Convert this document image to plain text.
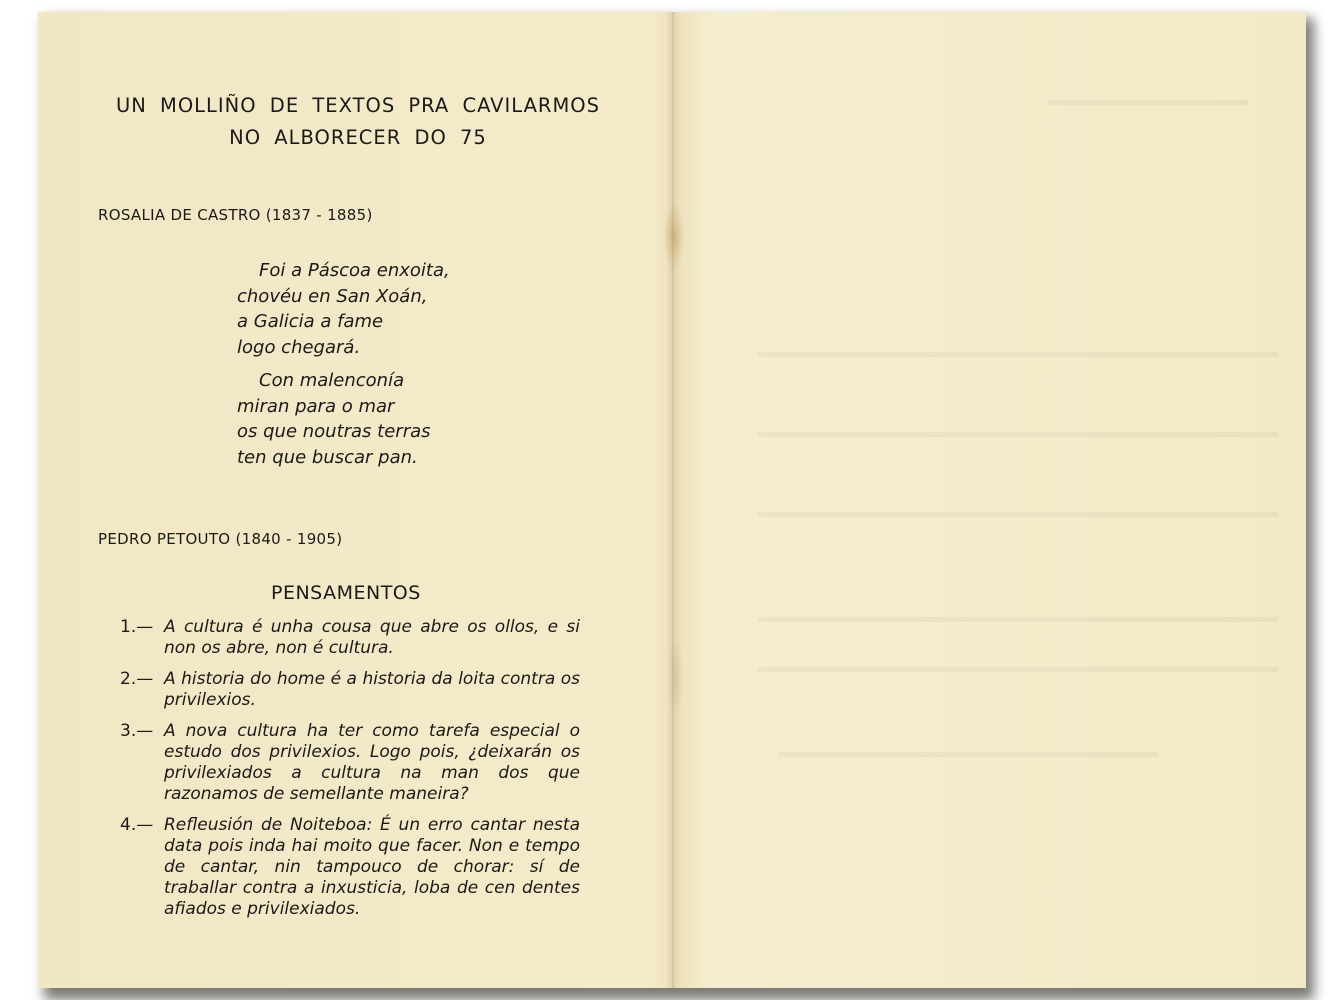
UN MOLLIÑO DE TEXTOS PRA CAVILARMOS
NO ALBORECER DO 75
ROSALIA DE CASTRO (1837 - 1885)
Foi a Páscoa enxoita,
chovéu en San Xoán,
a Galicia a fame
logo chegará.
Con malenconía
miran para o mar
os que noutras terras
ten que buscar pan.
PEDRO PETOUTO (1840 - 1905)
PENSAMENTOS
1.— A cultura é unha cousa que abre os ollos, e si non os abre, non é cultura.
2.— A historia do home é a historia da loita contra os privilexios.
3.— A nova cultura ha ter como tarefa especial o estudo dos privilexios. Logo pois, ¿deixarán os privilexiados a cultura na man dos que razonamos de semellante maneira?
4.— Refleusión de Noiteboa: É un erro cantar nesta data pois inda hai moito que facer. Non e tempo de cantar, nin tampouco de chorar: sí de traballar contra a inxusticia, loba de cen dentes afiados e privilexiados.
